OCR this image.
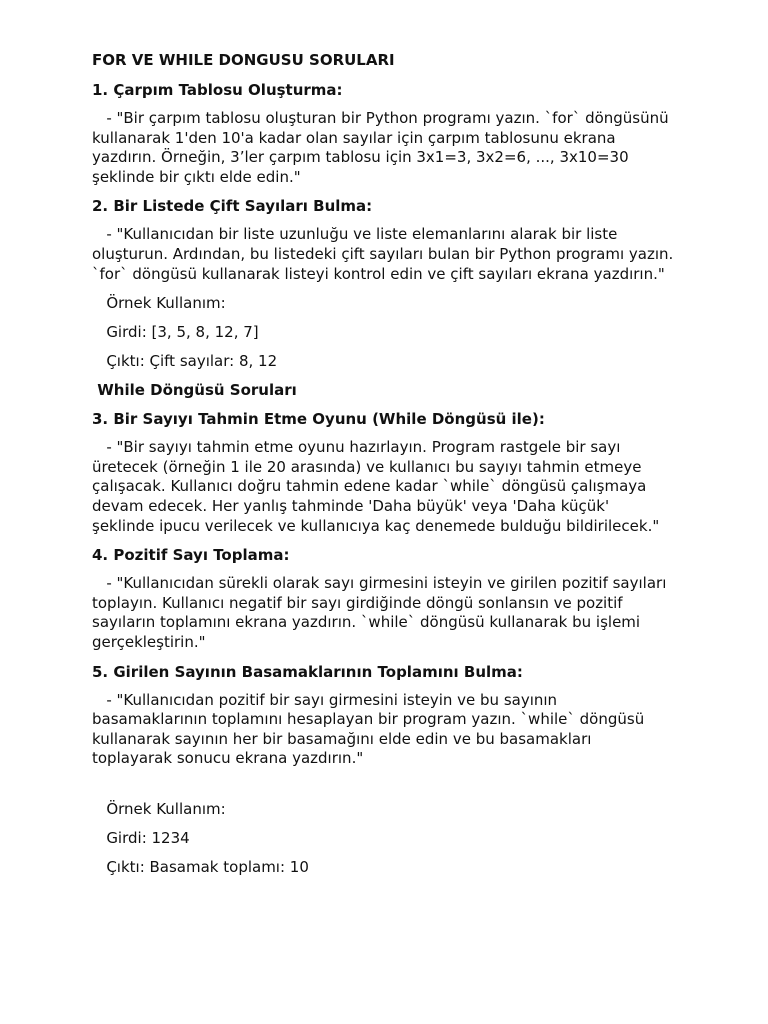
FOR VE WHILE DONGUSU SORULARI

1. Çarpım Tablosu Oluşturma:

- "Bir çarpım tablosu oluşturan bir Python programı yazın. `for` döngüsünü kullanarak 1'den 10'a kadar olan sayılar için çarpım tablosunu ekrana yazdırın. Örneğin, 3’ler çarpım tablosu için 3x1=3, 3x2=6, ..., 3x10=30 şeklinde bir çıktı elde edin."

2. Bir Listede Çift Sayıları Bulma:

- "Kullanıcıdan bir liste uzunluğu ve liste elemanlarını alarak bir liste oluşturun. Ardından, bu listedeki çift sayıları bulan bir Python programı yazın. `for` döngüsü kullanarak listeyi kontrol edin ve çift sayıları ekrana yazdırın."

Örnek Kullanım:

Girdi: [3, 5, 8, 12, 7]

Çıktı: Çift sayılar: 8, 12

While Döngüsü Soruları

3. Bir Sayıyı Tahmin Etme Oyunu (While Döngüsü ile):

- "Bir sayıyı tahmin etme oyunu hazırlayın. Program rastgele bir sayı üretecek (örneğin 1 ile 20 arasında) ve kullanıcı bu sayıyı tahmin etmeye çalışacak. Kullanıcı doğru tahmin edene kadar `while` döngüsü çalışmaya devam edecek. Her yanlış tahminde 'Daha büyük' veya 'Daha küçük' şeklinde ipucu verilecek ve kullanıcıya kaç denemede bulduğu bildirilecek."

4. Pozitif Sayı Toplama:

- "Kullanıcıdan sürekli olarak sayı girmesini isteyin ve girilen pozitif sayıları toplayın. Kullanıcı negatif bir sayı girdiğinde döngü sonlansın ve pozitif sayıların toplamını ekrana yazdırın. `while` döngüsü kullanarak bu işlemi gerçekleştirin."

5. Girilen Sayının Basamaklarının Toplamını Bulma:

- "Kullanıcıdan pozitif bir sayı girmesini isteyin ve bu sayının basamaklarının toplamını hesaplayan bir program yazın. `while` döngüsü kullanarak sayının her bir basamağını elde edin ve bu basamakları toplayarak sonucu ekrana yazdırın."

Örnek Kullanım:

Girdi: 1234

Çıktı: Basamak toplamı: 10
